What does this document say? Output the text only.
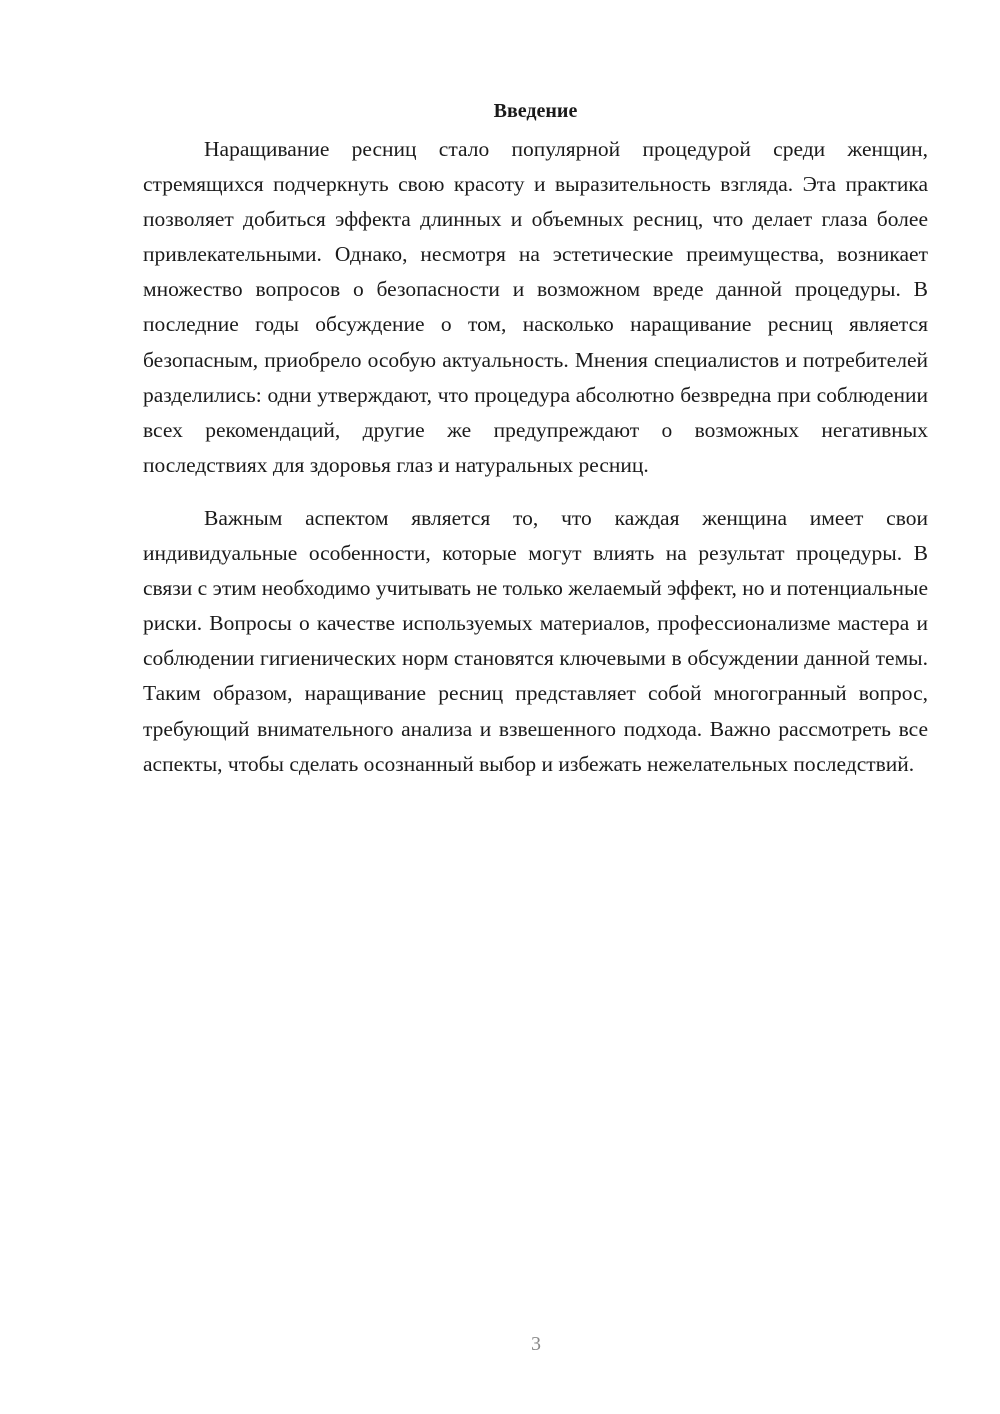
Введение

Наращивание ресниц стало популярной процедурой среди женщин, стремящихся подчеркнуть свою красоту и выразительность взгляда. Эта практика позволяет добиться эффекта длинных и объемных ресниц, что делает глаза более привлекательными. Однако, несмотря на эстетические преимущества, возникает множество вопросов о безопасности и возможном вреде данной процедуры. В последние годы обсуждение о том, насколько наращивание ресниц является безопасным, приобрело особую актуальность. Мнения специалистов и потребителей разделились: одни утверждают, что процедура абсолютно безвредна при соблюдении всех рекомендаций, другие же предупреждают о возможных негативных последствиях для здоровья глаз и натуральных ресниц.

Важным аспектом является то, что каждая женщина имеет свои индивидуальные особенности, которые могут влиять на результат процедуры. В связи с этим необходимо учитывать не только желаемый эффект, но и потенциальные риски. Вопросы о качестве используемых материалов, профессионализме мастера и соблюдении гигиенических норм становятся ключевыми в обсуждении данной темы. Таким образом, наращивание ресниц представляет собой многогранный вопрос, требующий внимательного анализа и взвешенного подхода. Важно рассмотреть все аспекты, чтобы сделать осознанный выбор и избежать нежелательных последствий.

3
